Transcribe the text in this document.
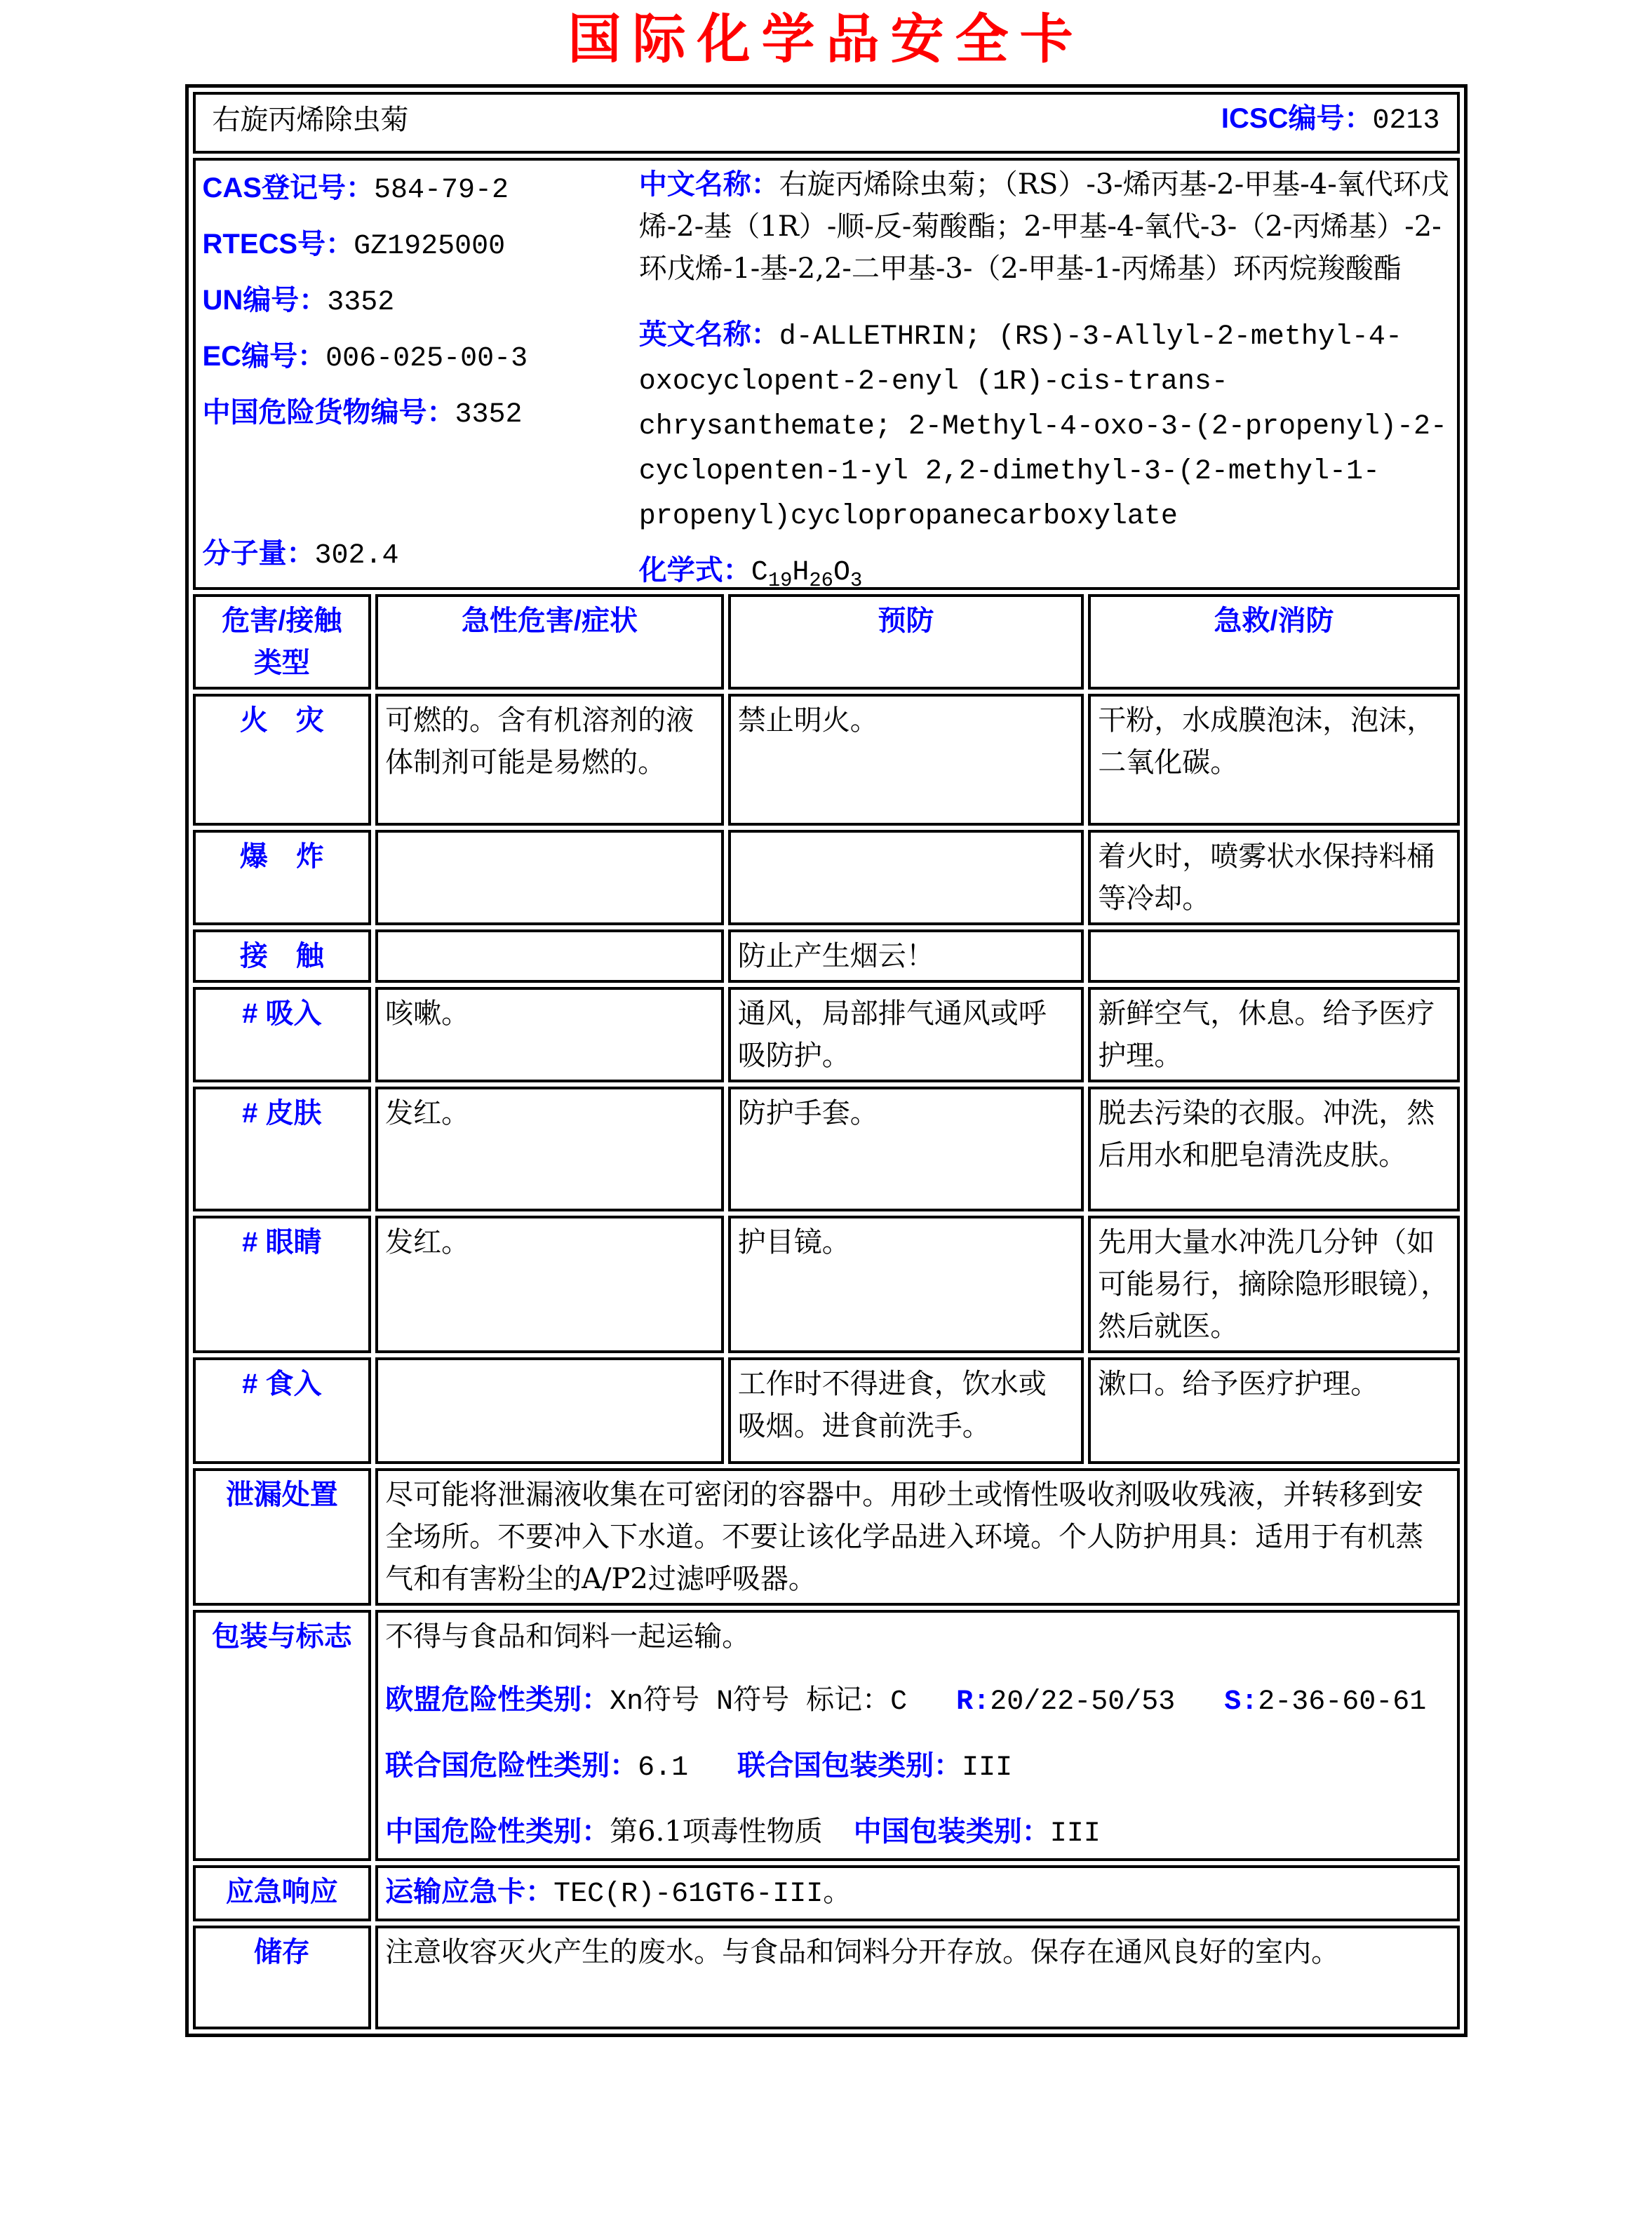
国际化学品安全卡
右旋丙烯除虫菊 ICSC编号：0213			

CAS登记号：584-79-2
RTECS号：GZ1925000
UN编号：3352
EC编号：006-025-00-3
中国危险货物编号：3352
分子量：302.4

中文名称：右旋丙烯除虫菊；（RS）-3-烯丙基-2-甲基-4-氧代环戊烯-2-基（1R）-顺-反-菊酸酯；2-甲基-4-氧代-3-（2-丙烯基）-2-环戊烯-1-基-2,2-二甲基-3-（2-甲基-1-丙烯基）环丙烷羧酸酯

英文名称：d-ALLETHRIN; (RS)-3-Allyl-2-methyl-4-oxocyclopent-2-enyl (1R)-cis-trans-chrysanthemate; 2-Methyl-4-oxo-3-(2-propenyl)-2-cyclopenten-1-yl 2,2-dimethyl-3-(2-methyl-1-propenyl)cyclopropanecarboxylate

化学式：$C_{19}H_{26}O_3$

危害/接触
类型	急性危害/症状	预防	急救/消防
火　灾	可燃的。含有机溶剂的液体制剂可能是易燃的。	禁止明火。	干粉，水成膜泡沫，泡沫，二氧化碳。
爆　炸			着火时，喷雾状水保持料桶等冷却。
接　触		防止产生烟云！	
# 吸入	咳嗽。	通风，局部排气通风或呼吸防护。	新鲜空气，休息。给予医疗护理。
# 皮肤	发红。	防护手套。	脱去污染的衣服。冲洗，然后用水和肥皂清洗皮肤。
# 眼睛	发红。	护目镜。	先用大量水冲洗几分钟（如可能易行，摘除隐形眼镜），然后就医。
# 食入		工作时不得进食，饮水或吸烟。进食前洗手。	漱口。给予医疗护理。
泄漏处置	尽可能将泄漏液收集在可密闭的容器中。用砂土或惰性吸收剂吸收残液，并转移到安全场所。不要冲入下水道。不要让该化学品进入环境。个人防护用具：适用于有机蒸气和有害粉尘的A/P2过滤呼吸器。		
包装与标志	不得与食品和饲料一起运输。

欧盟危险性类别：Xn符号 N符号 标记：C R:20/22-50/53 S:2-36-60-61

联合国危险性类别：6.1 联合国包装类别：III

中国危险性类别：第6.1项毒性物质 中国包装类别：III		

应急响应	运输应急卡：TEC(R)-61GT6-III。		
储存	注意收容灭火产生的废水。与食品和饲料分开存放。保存在通风良好的室内。		
